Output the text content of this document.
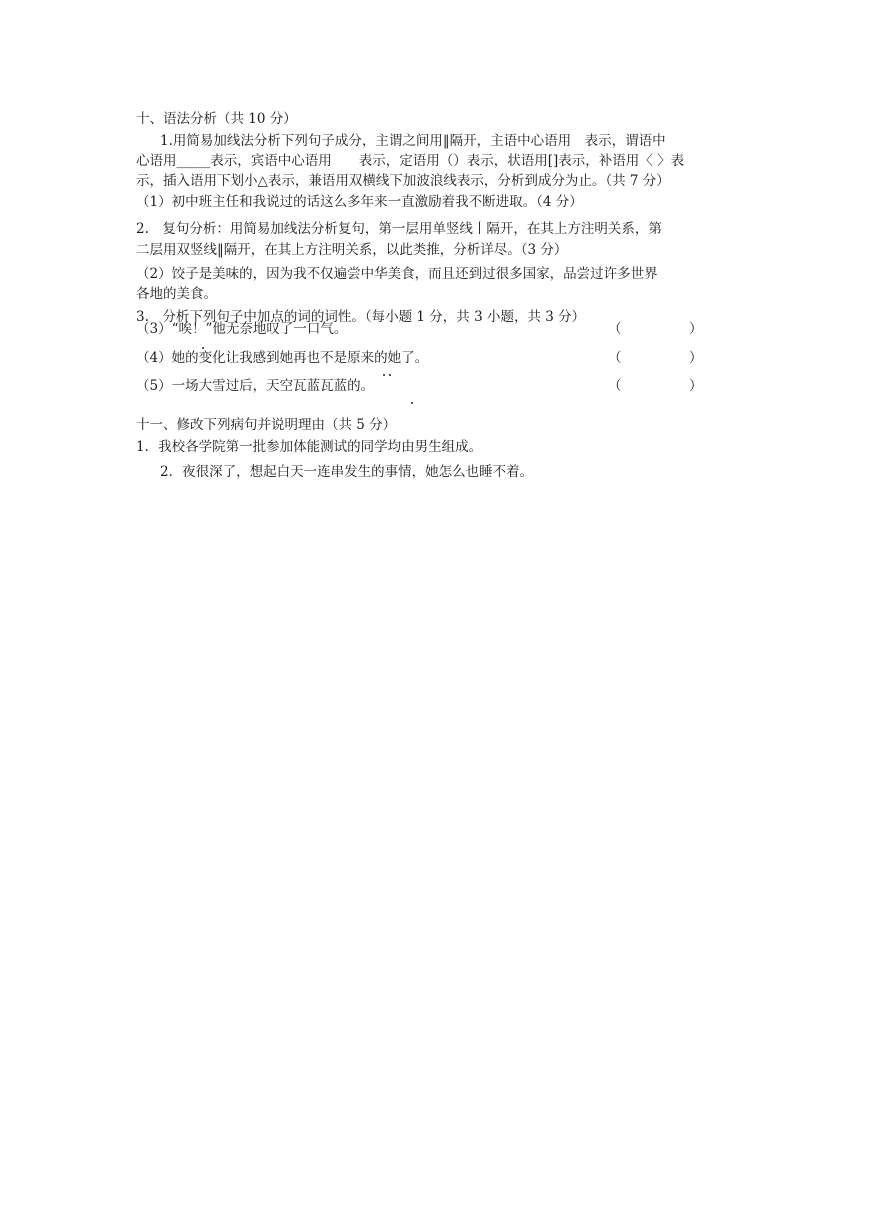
十、语法分析（共 10 分）
1.用简易加线法分析下列句子成分，主谓之间用‖隔开，主语中心语用　表示，谓语中
心语用_____表示，宾语中心语用　　表示，定语用（）表示，状语用[]表示，补语用〈 〉表
示，插入语用下划小△表示，兼语用双横线下加波浪线表示，分析到成分为止。（共 7 分）
（1）初中班主任和我说过的话这么多年来一直激励着我不断进取。（4 分）
2.　复句分析：用简易加线法分析复句，第一层用单竖线丨隔开，在其上方注明关系，第
二层用双竖线‖隔开，在其上方注明关系，以此类推，分析详尽。（3 分）
（2）饺子是美味的，因为我不仅遍尝中华美食，而且还到过很多国家，品尝过许多世界
各地的美食。
3.　分析下列句子中加点的词的词性。（每小题 1 分，共 3 小题，共 3 分）
（3）“唉！”他无奈地叹了一口气。	（　　　　　）
（4）她的变化让我感到她再也不是原来的她了。	（　　　　　）
（5）一场大雪过后，天空瓦蓝瓦蓝的。	（　　　　　）
十一、修改下列病句并说明理由（共 5 分）
1．我校各学院第一批参加体能测试的同学均由男生组成。
2．夜很深了，想起白天一连串发生的事情，她怎么也睡不着。
